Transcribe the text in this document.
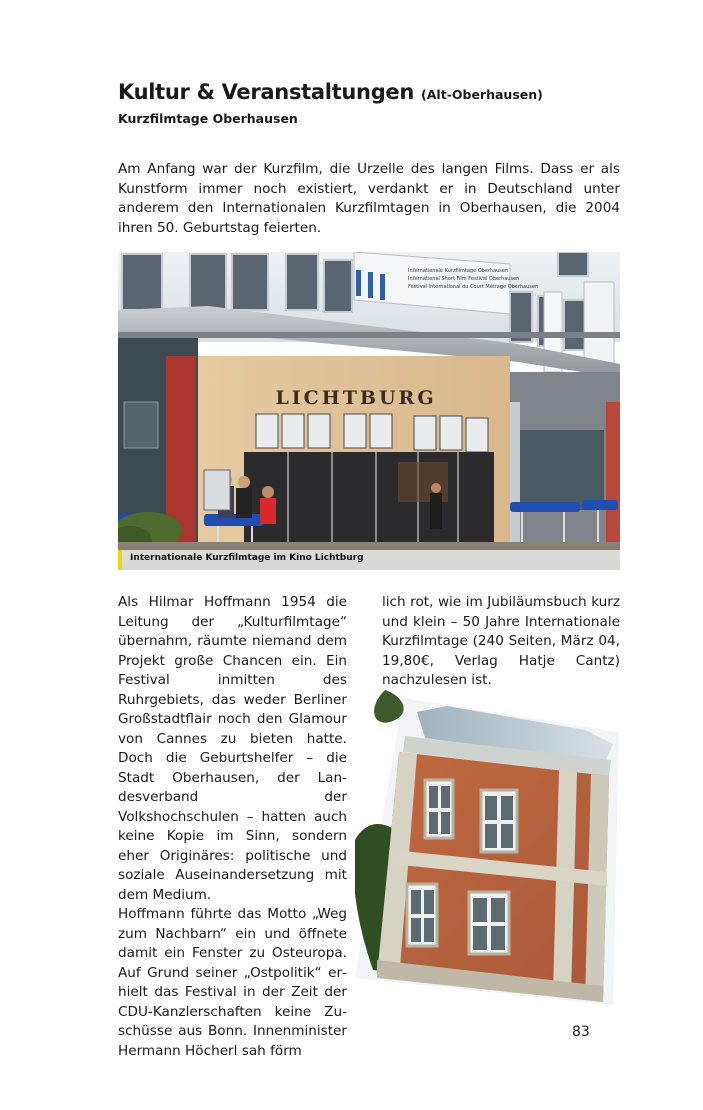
Kultur & Veranstaltungen (Alt-Oberhausen)
Kurzfilmtage Oberhausen

Am Anfang war der Kurzfilm, die Urzelle des langen Films. Dass er als Kunstform immer noch existiert, verdankt er in Deutschland unter anderem den Internationalen Kurzfilmtagen in Oberhausen, die 2004 ihren 50. Geburtstag feierten.

Internationale Kurzfilmtage Oberhausen
International Short Film Festival Oberhausen
Festival International du Court Métrage Oberhausen
LICHTBURG
Internationale Kurzfilmtage im Kino Lichtburg

Als Hilmar Hoffmann 1954 die Leitung der „Kulturfilmtage“ übernahm, räumte niemand dem Projekt große Chancen ein. Ein Festival inmitten des Ruhrgebiets, das weder Berliner Großstadtflair noch den Glamour von Cannes zu bieten hatte. Doch die Geburtshelfer – die Stadt Oberhausen, der Landesverband der Volkshochschulen – hatten auch keine Kopie im Sinn, sondern eher Originäres: politische und soziale Auseinandersetzung mit dem Medium.

Hoffmann führte das Motto „Weg zum Nachbarn“ ein und öffnete damit ein Fenster zu Osteuropa. Auf Grund seiner „Ostpolitik“ erhielt das Festival in der Zeit der CDU-Kanzlerschaften keine Zuschüsse aus Bonn. Innenminister Hermann Höcherl sah förm

lich rot, wie im Jubiläumsbuch kurz und klein – 50 Jahre Internationale Kurzfilmtage (240 Seiten, März 04, 19,80€, Verlag Hatje Cantz) nachzulesen ist.

83
